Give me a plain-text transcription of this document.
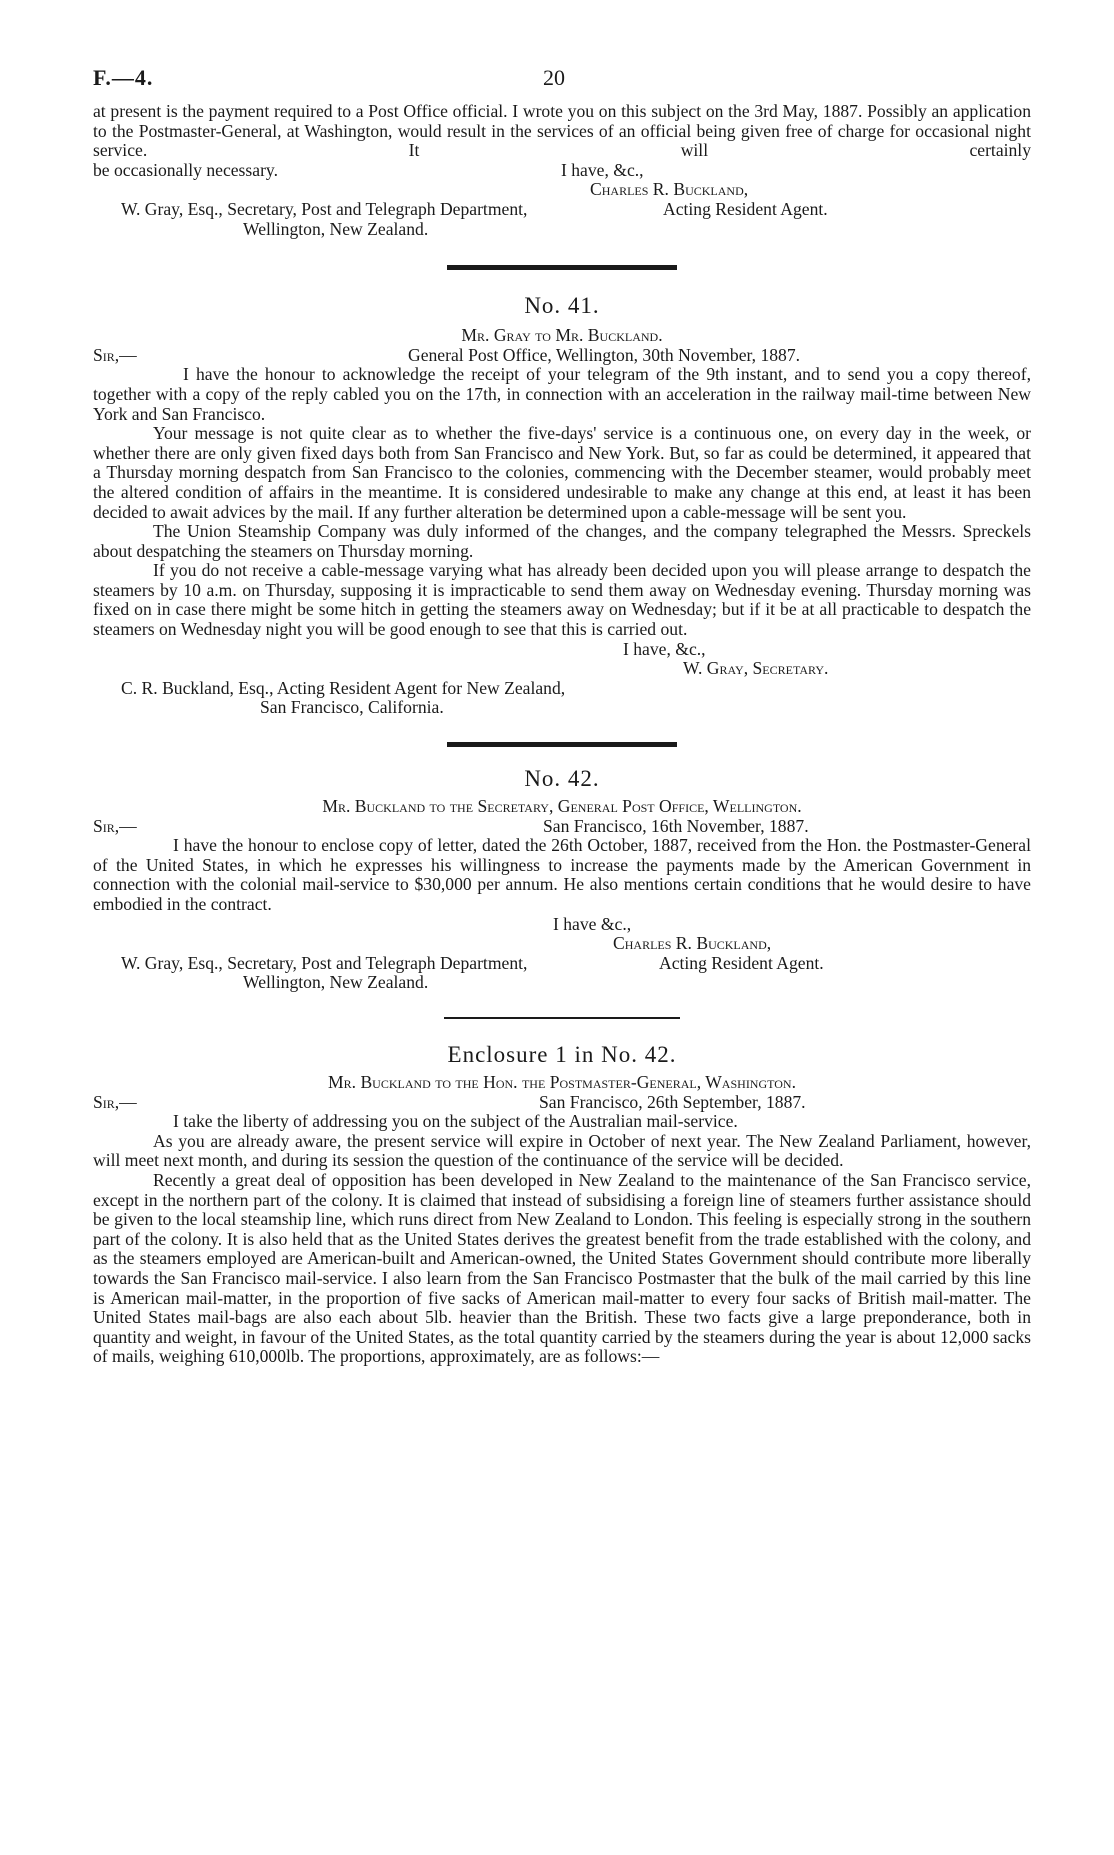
F.—4.	20

at present is the payment required to a Post Office official. I wrote you on this subject on the 3rd May, 1887. Possibly an application to the Postmaster-General, at Washington, would result in the services of an official being given free of charge for occasional night service. It will certainly

be occasionally necessary.	I have, &c.,
Charles R. Buckland,
W. Gray, Esq., Secretary, Post and Telegraph Department,	Acting Resident Agent.
Wellington, New Zealand.
No. 41.
Mr. Gray to Mr. Buckland.
Sir,—	General Post Office, Wellington, 30th November, 1887.

I have the honour to acknowledge the receipt of your telegram of the 9th instant, and to send you a copy thereof, together with a copy of the reply cabled you on the 17th, in connection with an acceleration in the railway mail-time between New York and San Francisco.

Your message is not quite clear as to whether the five-days' service is a continuous one, on every day in the week, or whether there are only given fixed days both from San Francisco and New York. But, so far as could be determined, it appeared that a Thursday morning despatch from San Francisco to the colonies, commencing with the December steamer, would probably meet the altered condition of affairs in the meantime. It is considered undesirable to make any change at this end, at least it has been decided to await advices by the mail. If any further alteration be determined upon a cable-message will be sent you.

The Union Steamship Company was duly informed of the changes, and the company telegraphed the Messrs. Spreckels about despatching the steamers on Thursday morning.

If you do not receive a cable-message varying what has already been decided upon you will please arrange to despatch the steamers by 10 a.m. on Thursday, supposing it is impracticable to send them away on Wednesday evening. Thursday morning was fixed on in case there might be some hitch in getting the steamers away on Wednesday; but if it be at all practicable to despatch the steamers on Wednesday night you will be good enough to see that this is carried out.

I have, &c.,
W. Gray, Secretary.
C. R. Buckland, Esq., Acting Resident Agent for New Zealand,
San Francisco, California.
No. 42.
Mr. Buckland to the Secretary, General Post Office, Wellington.
Sir,—	San Francisco, 16th November, 1887.

I have the honour to enclose copy of letter, dated the 26th October, 1887, received from the Hon. the Postmaster-General of the United States, in which he expresses his willingness to increase the payments made by the American Government in connection with the colonial mail-service to $30,000 per annum. He also mentions certain conditions that he would desire to have embodied in the contract.

I have &c.,
Charles R. Buckland,
W. Gray, Esq., Secretary, Post and Telegraph Department,	Acting Resident Agent.
Wellington, New Zealand.
Enclosure 1 in No. 42.
Mr. Buckland to the Hon. the Postmaster-General, Washington.
Sir,—	San Francisco, 26th September, 1887.

I take the liberty of addressing you on the subject of the Australian mail-service.

As you are already aware, the present service will expire in October of next year. The New Zealand Parliament, however, will meet next month, and during its session the question of the continuance of the service will be decided.

Recently a great deal of opposition has been developed in New Zealand to the maintenance of the San Francisco service, except in the northern part of the colony. It is claimed that instead of subsidising a foreign line of steamers further assistance should be given to the local steamship line, which runs direct from New Zealand to London. This feeling is especially strong in the southern part of the colony. It is also held that as the United States derives the greatest benefit from the trade established with the colony, and as the steamers employed are American-built and American-owned, the United States Government should contribute more liberally towards the San Francisco mail-service. I also learn from the San Francisco Postmaster that the bulk of the mail carried by this line is American mail-matter, in the proportion of five sacks of American mail-matter to every four sacks of British mail-matter. The United States mail-bags are also each about 5lb. heavier than the British. These two facts give a large preponderance, both in quantity and weight, in favour of the United States, as the total quantity carried by the steamers during the year is about 12,000 sacks of mails, weighing 610,000lb. The proportions, approximately, are as follows:—
